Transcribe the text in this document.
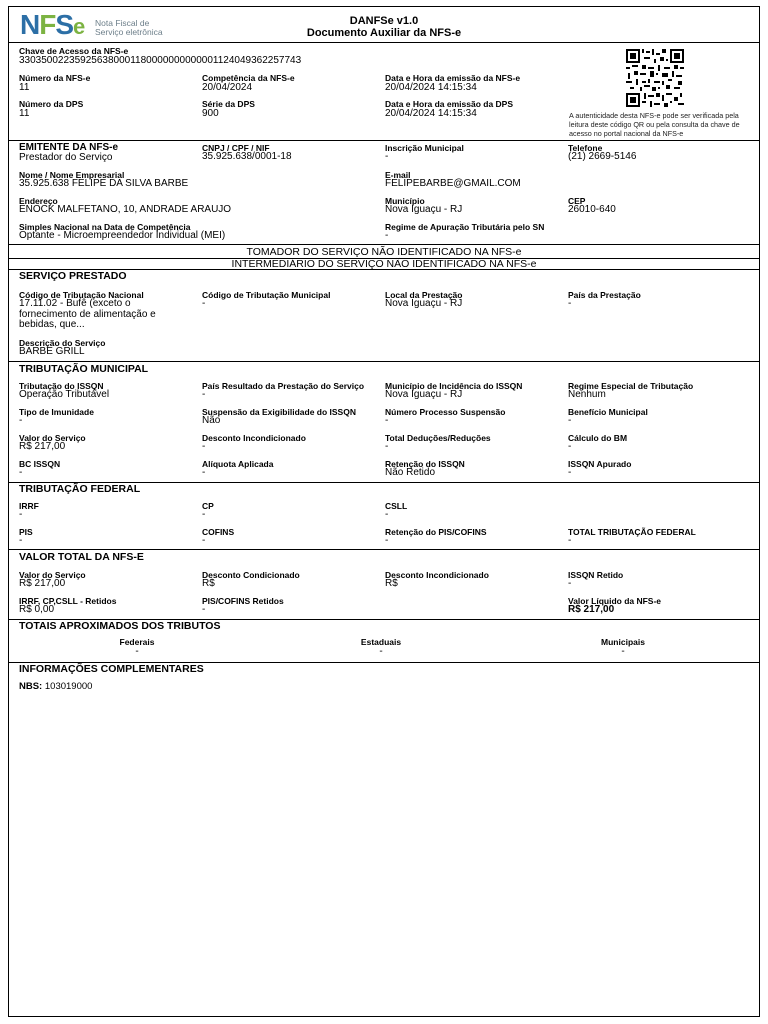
NFSe Nota Fiscal de
Serviço eletrônica
DANFSe v1.0
Documento Auxiliar da NFS-e
Chave de Acesso da NFS-e
33035002235925638000118000000000000112404936225774​3
Número da NFS-e
11
Competência da NFS-e
20/04/2024
Data e Hora da emissão da NFS-e
20/04/2024 14:15:34
Número da DPS
11
Série da DPS
900
Data e Hora da emissão da DPS
20/04/2024 14:15:34	A autenticidade desta NFS-e pode ser verificada pela leitura deste código QR ou pela consulta da chave de acesso no portal nacional da NFS-e
EMITENTE DA NFS-e
Prestador do Serviço
CNPJ / CPF / NIF
35.925.638/0001-18
Inscrição Municipal
-
Telefone
(21) 2669-5146
Nome / Nome Empresarial
35.925.638 FELIPE DA SILVA BARBE
E-mail
FELIPEBARBE@GMAIL.COM
Endereço
ENOCK MALFETANO, 10, ANDRADE ARAUJO
Município
Nova Iguaçu - RJ
CEP
26010-640
Simples Nacional na Data de Competência
Optante - Microempreendedor Individual (MEI)
Regime de Apuração Tributária pelo SN
-
TOMADOR DO SERVIÇO NÃO IDENTIFICADO NA NFS-e
INTERMEDIÁRIO DO SERVIÇO NÃO IDENTIFICADO NA NFS-e
SERVIÇO PRESTADO
Código de Tributação Nacional
17.11.02 - Bufê (exceto o fornecimento de alimentação e bebidas, que...
Código de Tributação Municipal
-
Local da Prestação
Nova Iguaçu - RJ
País da Prestação
-
Descrição do Serviço
BARBE GRILL
TRIBUTAÇÃO MUNICIPAL
Tributação do ISSQN
Operação Tributável
País Resultado da Prestação do Serviço
-
Município de Incidência do ISSQN
Nova Iguaçu - RJ
Regime Especial de Tributação
Nenhum
Tipo de Imunidade
-
Suspensão da Exigibilidade do ISSQN
Não
Número Processo Suspensão
-
Benefício Municipal
-
Valor do Serviço
R$ 217,00
Desconto Incondicionado
-
Total Deduções/Reduções
-
Cálculo do BM
-
BC ISSQN
-
Alíquota Aplicada
-
Retenção do ISSQN
Não Retido
ISSQN Apurado
-
TRIBUTAÇÃO FEDERAL
IRRF
-
CP
-
CSLL
-
PIS
-
COFINS
-
Retenção do PIS/COFINS
-
TOTAL TRIBUTAÇÃO FEDERAL
-
VALOR TOTAL DA NFS-E
Valor do Serviço
R$ 217,00
Desconto Condicionado
R$
Desconto Incondicionado
R$
ISSQN Retido
-
IRRF, CP,CSLL - Retidos
R$ 0,00
PIS/COFINS Retidos
-
Valor Líquido da NFS-e
R$ 217,00
TOTAIS APROXIMADOS DOS TRIBUTOS
Federais
-
Estaduais
-
Municipais
-
INFORMAÇÕES COMPLEMENTARES
NBS: 103019000
